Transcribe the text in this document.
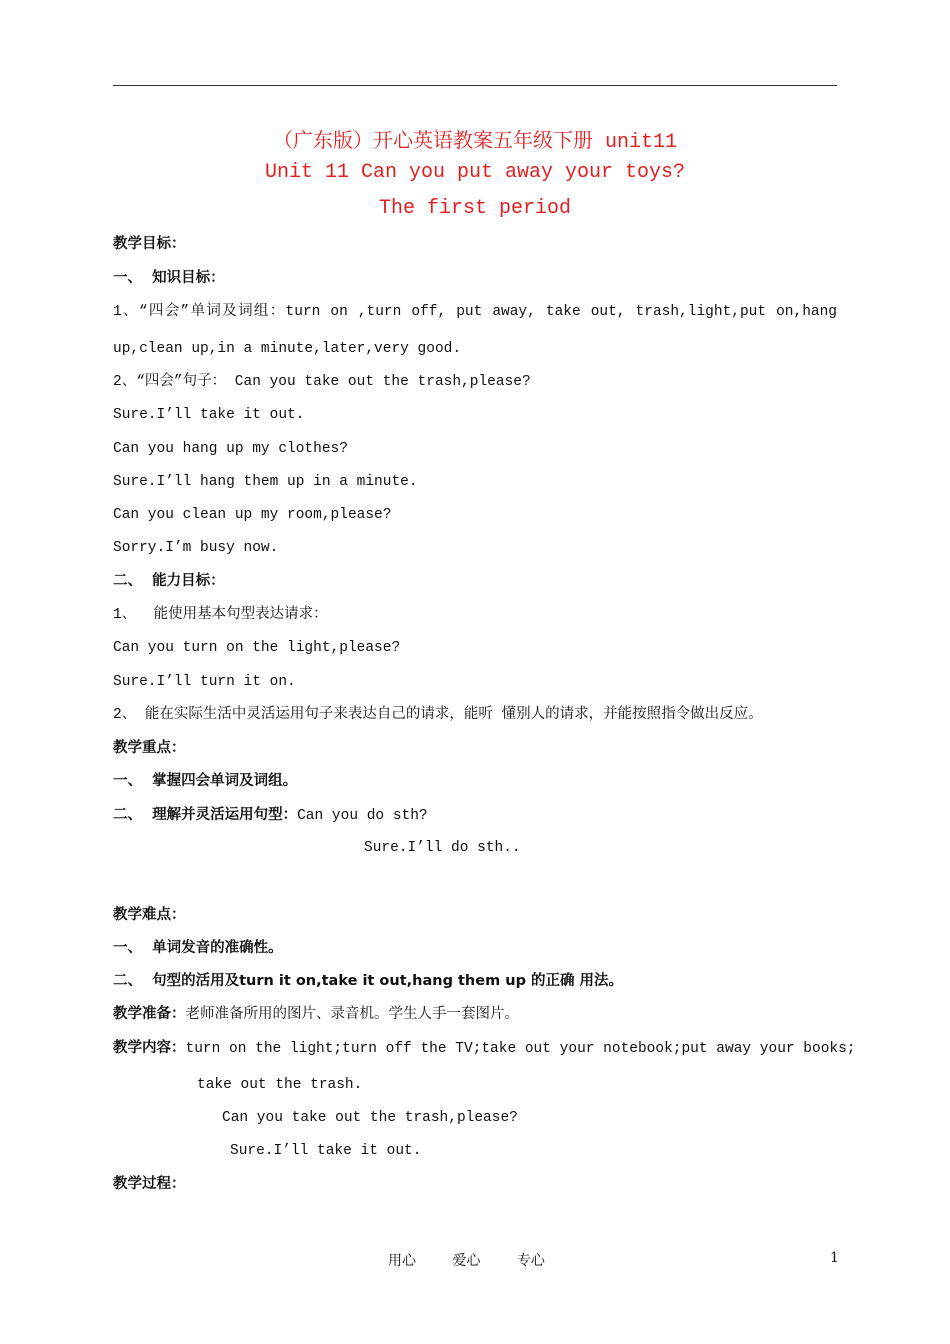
（广东版）开心英语教案五年级下册 unit11
Unit 11 Can you put away your toys?
The first period
教学目标：
一、  知识目标：
1、“四会”单词及词组：turn on ,turn off, put away, take out, trash,light,put on,hang
up,clean up,in a minute,later,very good.
2、“四会”句子： Can you take out the trash,please?
Sure.I’ll take it out.
Can you hang up my clothes?
Sure.I’ll hang them up in a minute.
Can you clean up my room,please?
Sorry.I’m busy now.
二、  能力目标：
1、  能使用基本句型表达请求：
Can you turn on the light,please?
Sure.I’ll turn it on.
2、 能在实际生活中灵活运用句子来表达自己的请求，能听 懂别人的请求，并能按照指令做出反应。
教学重点：
一、  掌握四会单词及词组。
二、  理解并灵活运用句型：Can you do sth?
Sure.I’ll do sth..
教学难点：
一、  单词发音的准确性。
二、  句型的活用及turn it on,take it out,hang them up 的正确 用法。
教学准备：老师准备所用的图片、录音机。学生人手一套图片。
教学内容：turn on the light;turn off the TV;take out your notebook;put away your books;
take out the trash.
Can you take out the trash,please?
Sure.I’ll take it out.
教学过程：
用心	爱心	专心	1
